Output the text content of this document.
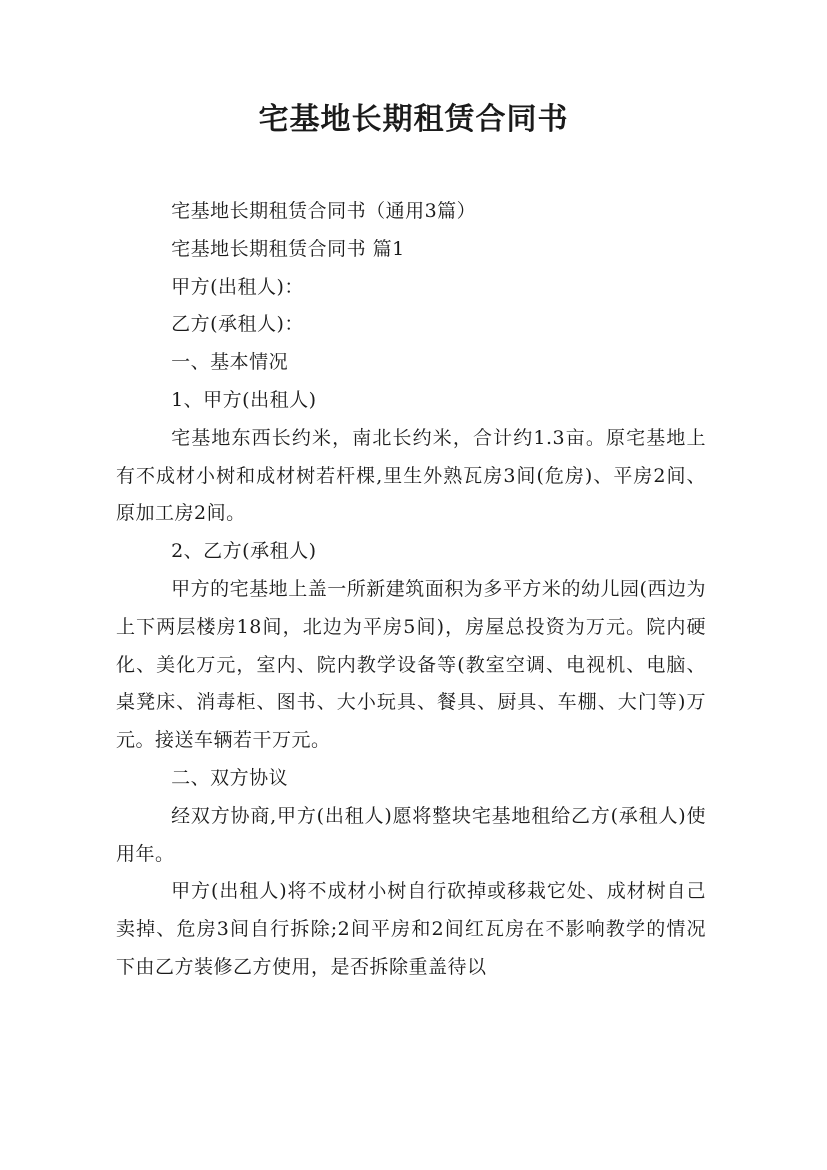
宅基地长期租赁合同书

宅基地长期租赁合同书（通用3篇）

宅基地长期租赁合同书 篇1

甲方(出租人)：

乙方(承租人)：

一、基本情况

1、甲方(出租人)

宅基地东西长约米，南北长约米，合计约1.3亩。原宅基地上有不成材小树和成材树若杆棵,里生外熟瓦房3间(危房)、平房2间、原加工房2间。

2、乙方(承租人)

甲方的宅基地上盖一所新建筑面积为多平方米的幼儿园(西边为上下两层楼房18间，北边为平房5间)，房屋总投资为万元。院内硬化、美化万元，室内、院内教学设备等(教室空调、电视机、电脑、桌凳床、消毒柜、图书、大小玩具、餐具、厨具、车棚、大门等)万元。接送车辆若干万元。

二、双方协议

经双方协商,甲方(出租人)愿将整块宅基地租给乙方(承租人)使用年。

甲方(出租人)将不成材小树自行砍掉或移栽它处、成材树自己卖掉、危房3间自行拆除;2间平房和2间红瓦房在不影响教学的情况下由乙方装修乙方使用，是否拆除重盖待以
